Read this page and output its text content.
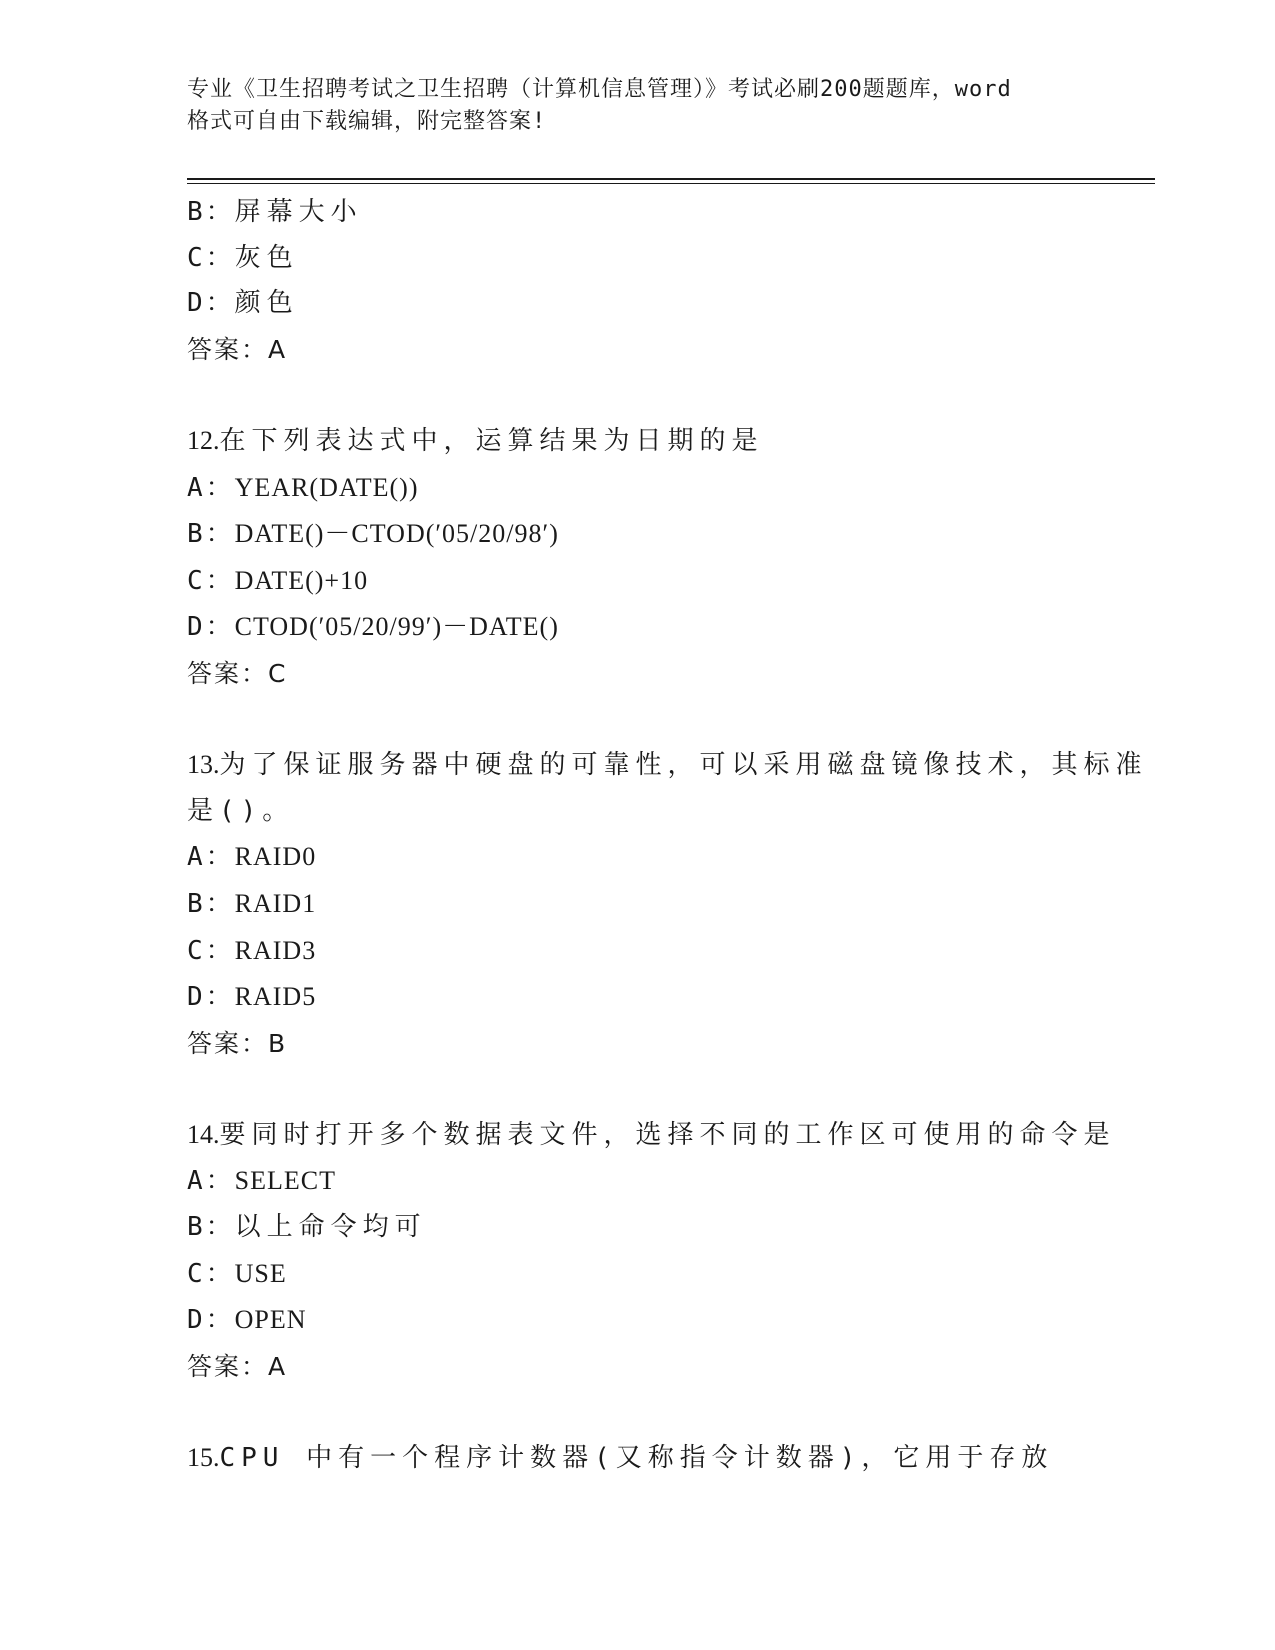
专业《卫生招聘考试之卫生招聘（计算机信息管理）》考试必刷200题题库，word
格式可自由下载编辑，附完整答案!
B：屏幕大小
C：灰色
D：颜色
答案：A
12.在下列表达式中，运算结果为日期的是
A：YEAR(DATE())
B：DATE()－CTOD(′05/20/98′)
C：DATE()+10
D：CTOD(′05/20/99′)－DATE()
答案：C
13.为了保证服务器中硬盘的可靠性，可以采用磁盘镜像技术，其标准
是()。
A：RAID0
B：RAID1
C：RAID3
D：RAID5
答案：B
14.要同时打开多个数据表文件，选择不同的工作区可使用的命令是
A：SELECT
B：以上命令均可
C：USE
D：OPEN
答案：A
15.CPU 中有一个程序计数器(又称指令计数器)，它用于存放
